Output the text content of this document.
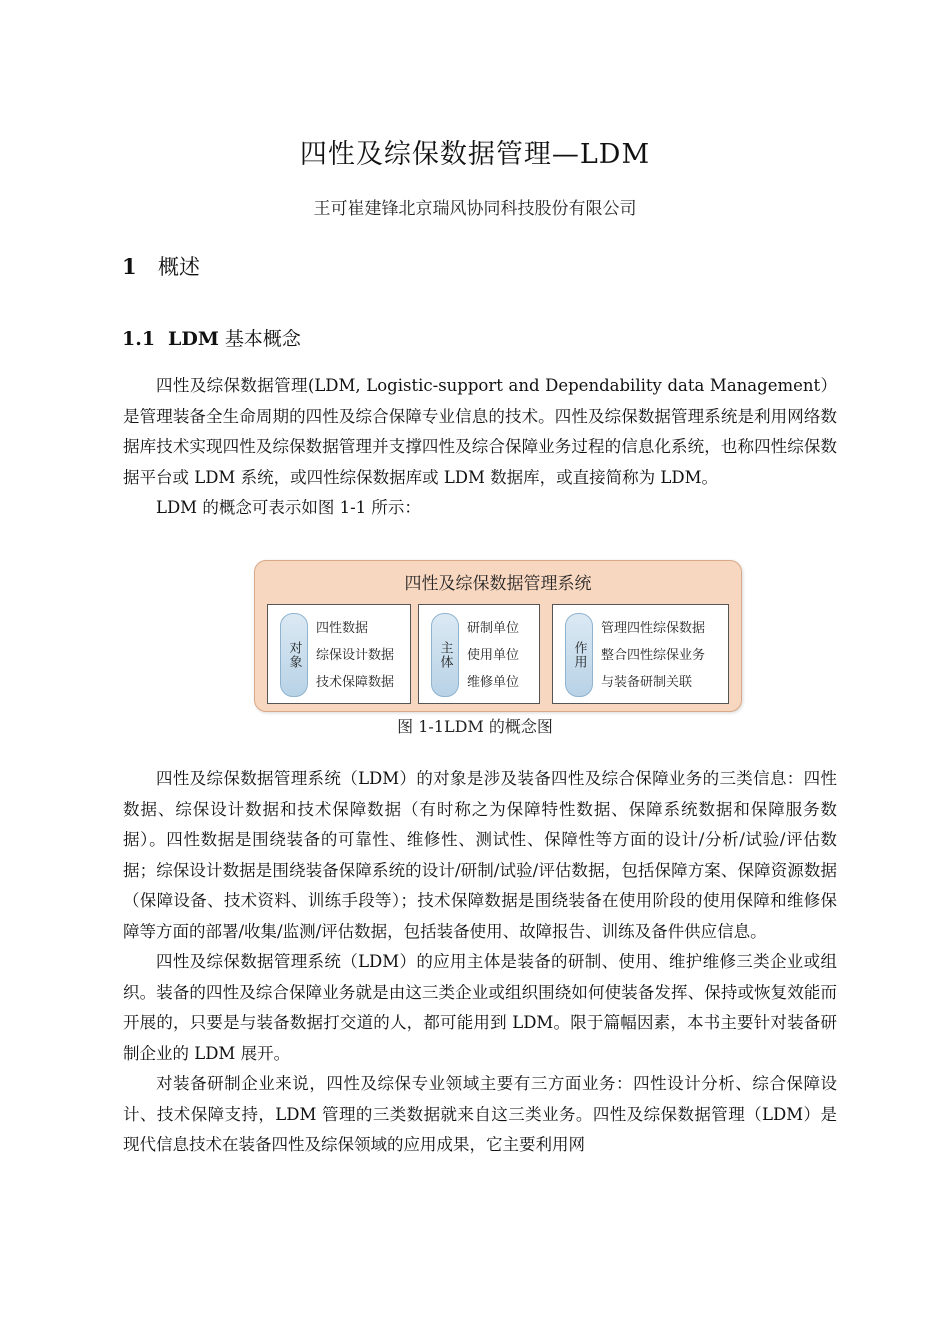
四性及综保数据管理—LDM
王可崔建锋北京瑞风协同科技股份有限公司
1 概述
1.1 LDM 基本概念

四性及综保数据管理(LDM, Logistic-support and Dependability data Management）是管理装备全生命周期的四性及综合保障专业信息的技术。四性及综保数据管理系统是利用网络数据库技术实现四性及综保数据管理并支撑四性及综合保障业务过程的信息化系统，也称四性综保数据平台或 LDM 系统，或四性综保数据库或 LDM 数据库，或直接简称为 LDM。

LDM 的概念可表示如图 1-1 所示：

四性及综保数据管理系统
对象
四性数据
综保设计数据
技术保障数据
主体
研制单位
使用单位
维修单位
作用
管理四性综保数据
整合四性综保业务
与装备研制关联
图 1-1LDM 的概念图

四性及综保数据管理系统（LDM）的对象是涉及装备四性及综合保障业务的三类信息：四性数据、综保设计数据和技术保障数据（有时称之为保障特性数据、保障系统数据和保障服务数据）。四性数据是围绕装备的可靠性、维修性、测试性、保障性等方面的设计/分析/试验/评估数据；综保设计数据是围绕装备保障系统的设计/研制/试验/评估数据，包括保障方案、保障资源数据（保障设备、技术资料、训练手段等）；技术保障数据是围绕装备在使用阶段的使用保障和维修保障等方面的部署/收集/监测/评估数据，包括装备使用、故障报告、训练及备件供应信息。

四性及综保数据管理系统（LDM）的应用主体是装备的研制、使用、维护维修三类企业或组织。装备的四性及综合保障业务就是由这三类企业或组织围绕如何使装备发挥、保持或恢复效能而开展的，只要是与装备数据打交道的人，都可能用到 LDM。限于篇幅因素，本书主要针对装备研制企业的 LDM 展开。

对装备研制企业来说，四性及综保专业领域主要有三方面业务：四性设计分析、综合保障设计、技术保障支持，LDM 管理的三类数据就来自这三类业务。四性及综保数据管理（LDM）是现代信息技术在装备四性及综保领域的应用成果，它主要利用网
